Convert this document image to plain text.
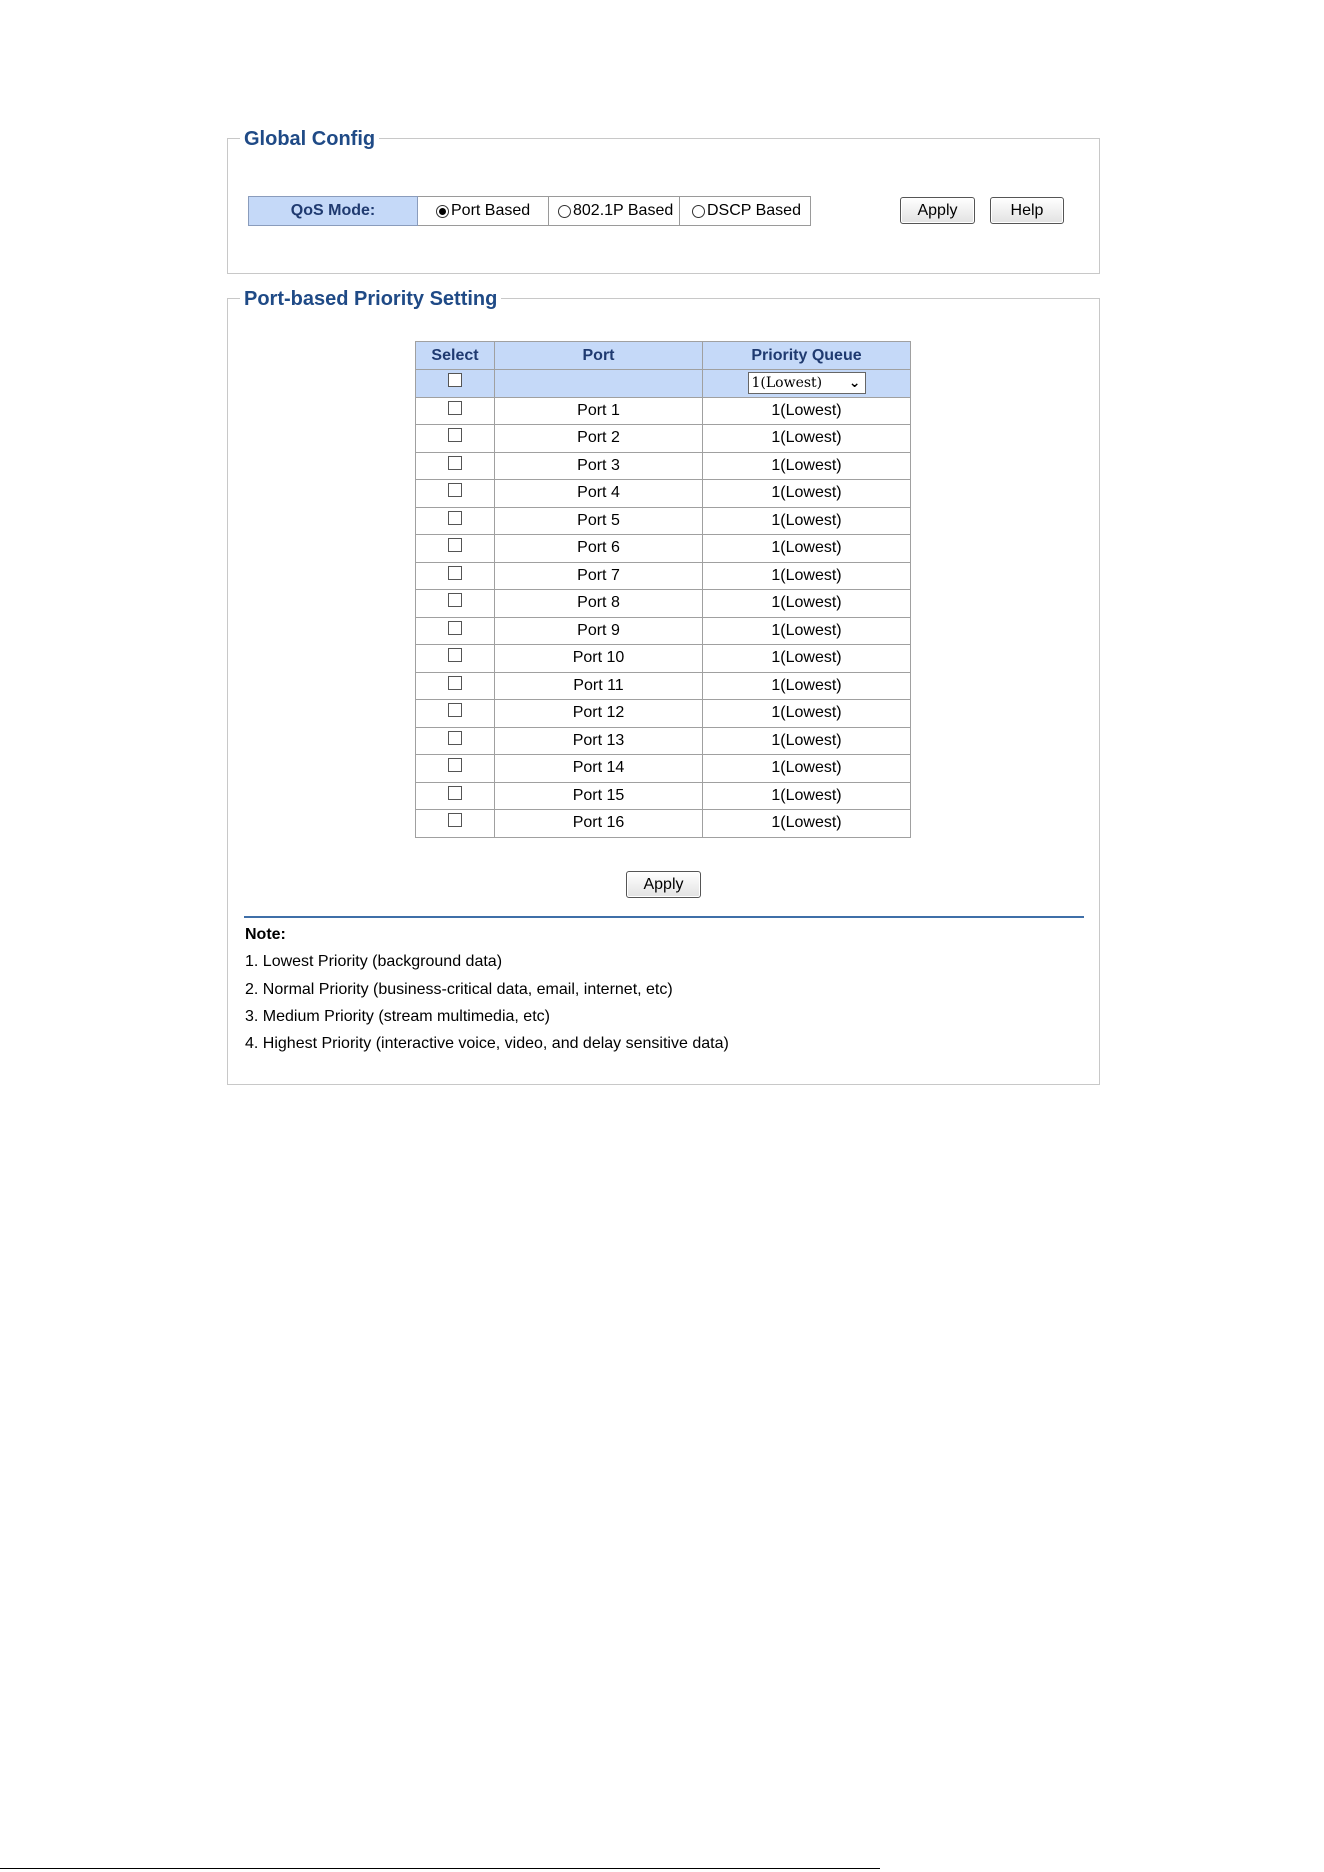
Global Config
QoS Mode:	Port Based	802.1P Based DSCP Based	Apply	Help
Port-based Priority Setting
Select	Port	Priority Queue

		1(Lowest) ⌄

	Port 1	1(Lowest)
	Port 2	1(Lowest)
	Port 3	1(Lowest)
	Port 4	1(Lowest)
	Port 5	1(Lowest)
	Port 6	1(Lowest)
	Port 7	1(Lowest)
	Port 8	1(Lowest)
	Port 9	1(Lowest)
	Port 10	1(Lowest)
	Port 11	1(Lowest)
	Port 12	1(Lowest)
	Port 13	1(Lowest)
	Port 14	1(Lowest)
	Port 15	1(Lowest)
	Port 16	1(Lowest)
Apply
Note:
1. Lowest Priority (background data)
2. Normal Priority (business-critical data, email, internet, etc)
3. Medium Priority (stream multimedia, etc)
4. Highest Priority (interactive voice, video, and delay sensitive data)
